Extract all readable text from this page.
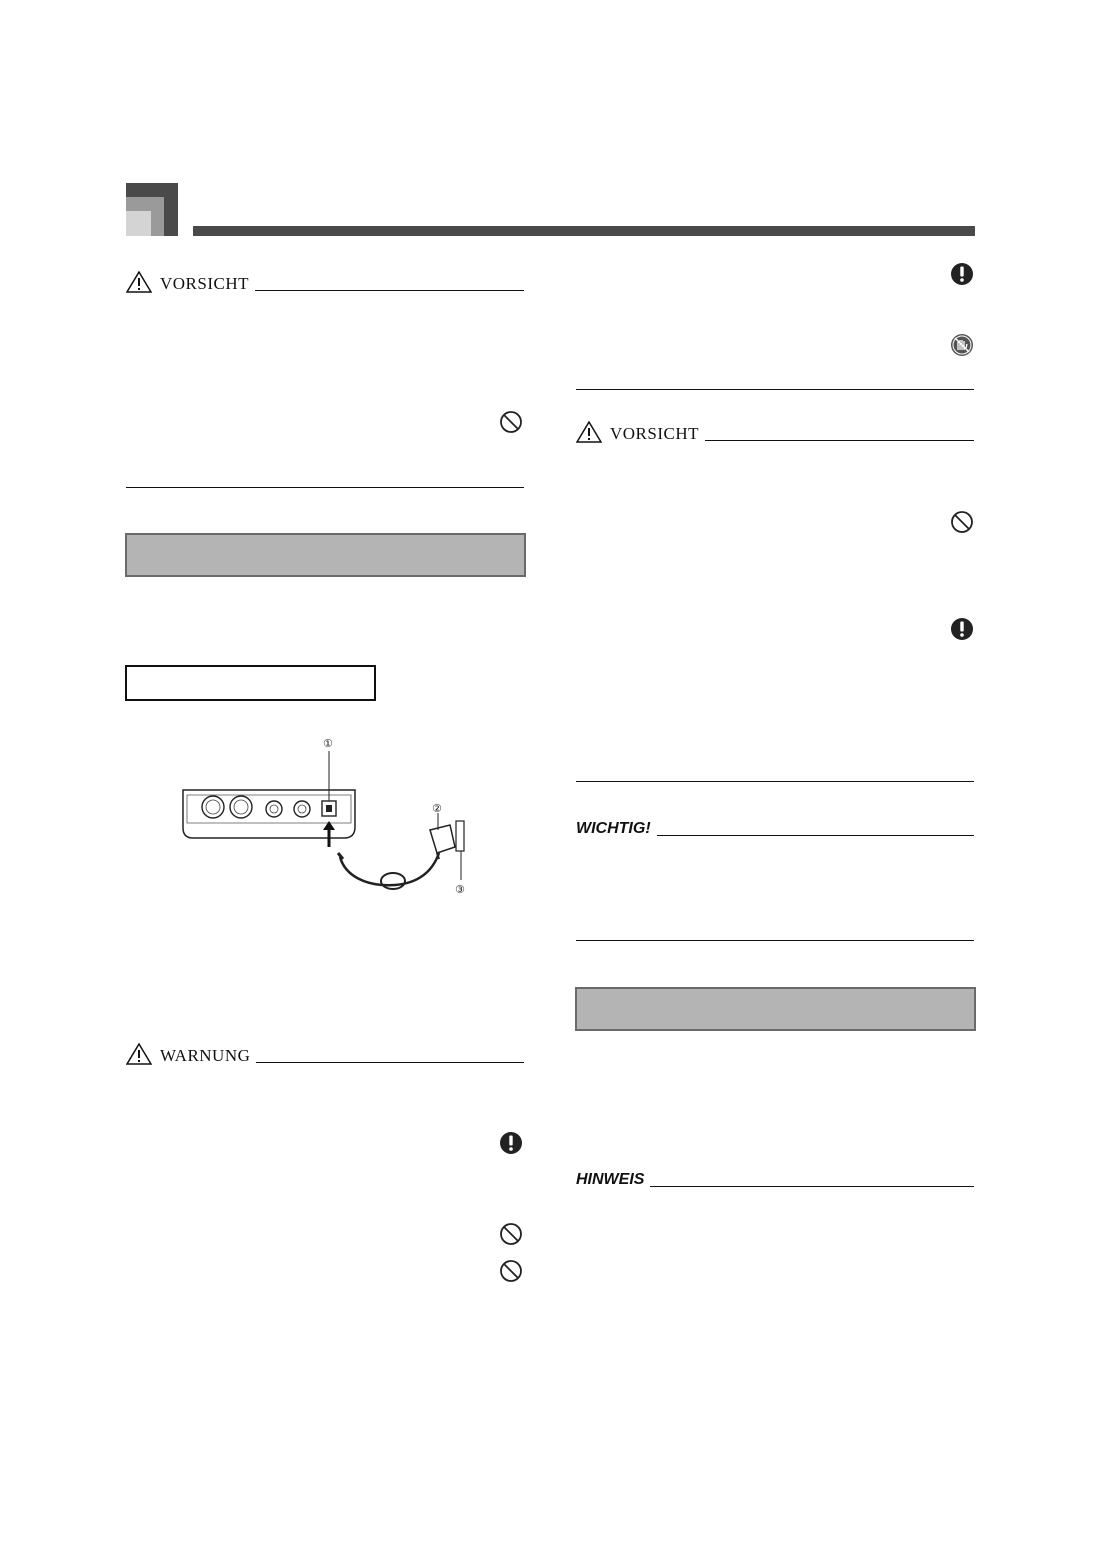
VORSICHT
①
②
③
WARNUNG
VORSICHT
WICHTIG!
HINWEIS
